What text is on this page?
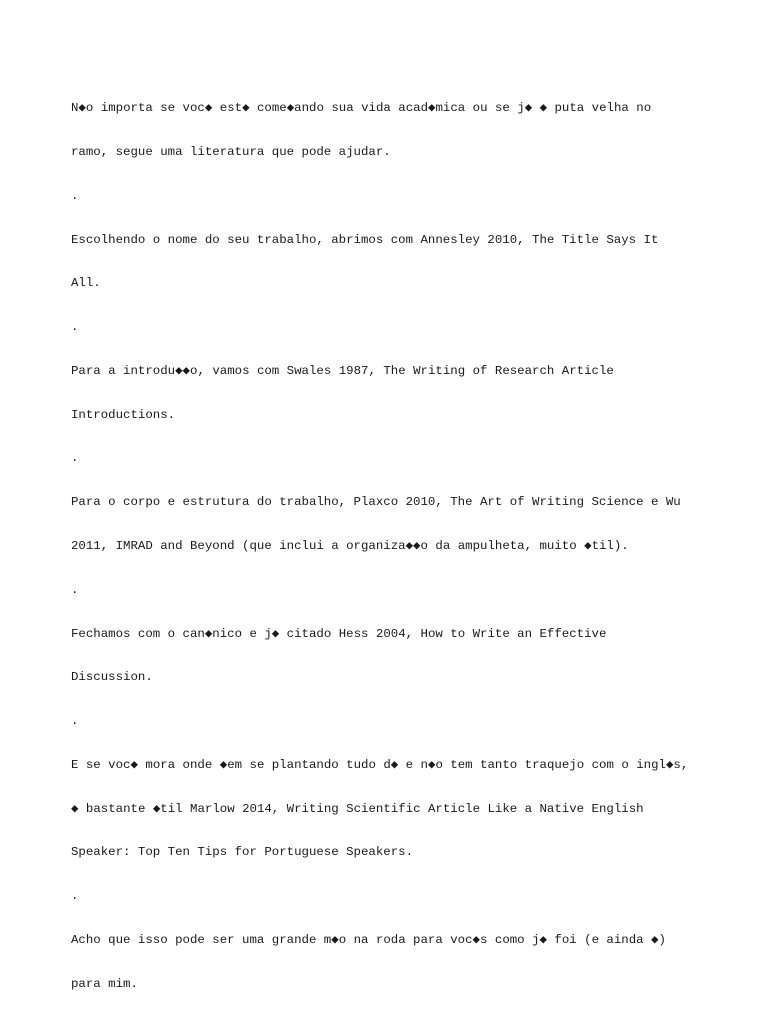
N◆o importa se voc◆ est◆ come◆ando sua vida acad◆mica ou se j◆ ◆ puta velha no

ramo, segue uma literatura que pode ajudar.

.

Escolhendo o nome do seu trabalho, abrimos com Annesley 2010, The Title Says It

All.

.

Para a introdu◆◆o, vamos com Swales 1987, The Writing of Research Article

Introductions.

.

Para o corpo e estrutura do trabalho, Plaxco 2010, The Art of Writing Science e Wu

2011, IMRAD and Beyond (que inclui a organiza◆◆o da ampulheta, muito ◆til).

.

Fechamos com o can◆nico e j◆ citado Hess 2004, How to Write an Effective

Discussion.

.

E se voc◆ mora onde ◆em se plantando tudo d◆ e n◆o tem tanto traquejo com o ingl◆s,

◆ bastante ◆til Marlow 2014, Writing Scientific Article Like a Native English

Speaker: Top Ten Tips for Portuguese Speakers.

.

Acho que isso pode ser uma grande m◆o na roda para voc◆s como j◆ foi (e ainda ◆)

para mim.
